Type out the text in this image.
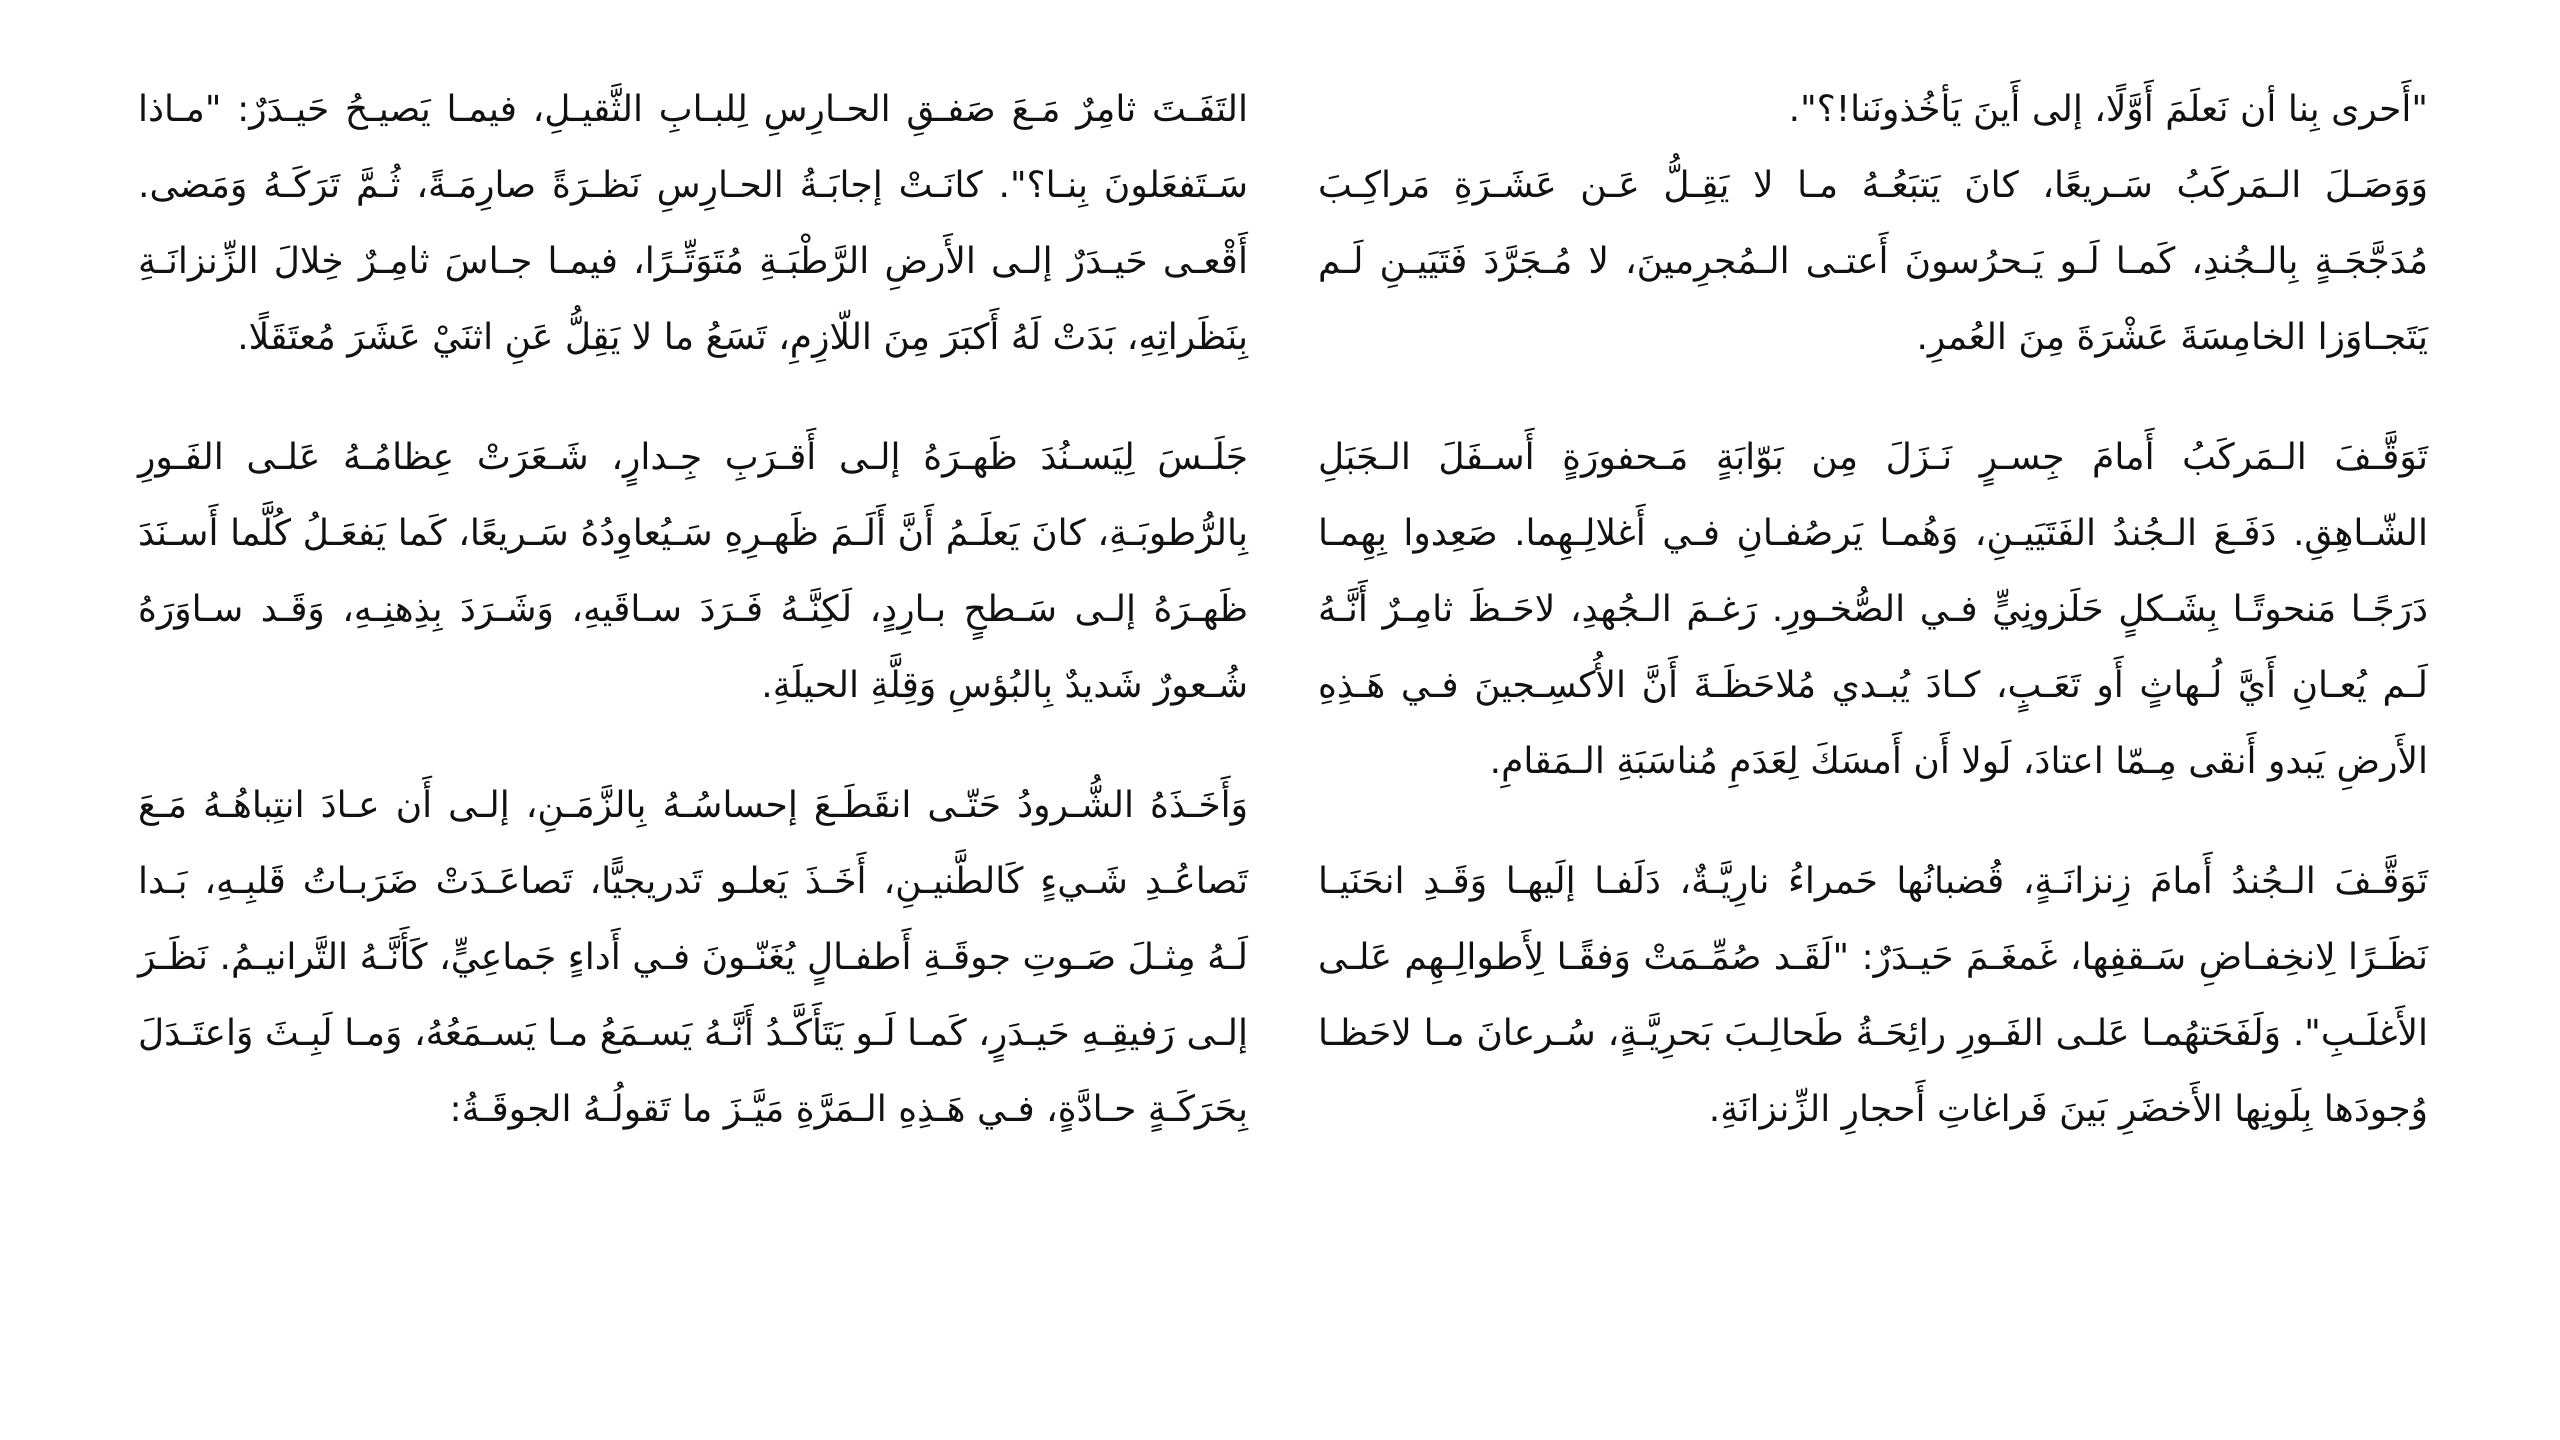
التَفَـتَ ثامِرٌ مَـعَ صَفـقِ الحـارِسِ لِلبـابِ الثَّقيـلِ، فيمـا يَصيـحُ حَيـدَرٌ: "مـاذا سَـتَفعَلونَ بِنـا؟". كانَـتْ إجابَـةُ الحـارِسِ نَظـرَةً صارِمَـةً، ثُـمَّ تَرَكَـهُ وَمَضى. أَقْعـى حَيـدَرٌ إلـى الأَرضِ الرَّطْبَـةِ مُتَوَتِّـرًا، فيمـا جـاسَ ثامِـرٌ خِلالَ الزِّنزانَـةِ بِنَظَراتِهِ، بَدَتْ لَهُ أَكبَرَ مِنَ اللّازِمِ، تَسَعُ ما لا يَقِلُّ عَنِ اثنَيْ عَشَرَ مُعتَقَلًا.

جَلَـسَ لِيَسـنُدَ ظَهـرَهُ إلـى أَقـرَبِ جِـدارٍ، شَـعَرَتْ عِظامُـهُ عَلـى الفَـورِ بِالرُّطوبَـةِ، كانَ يَعلَـمُ أَنَّ أَلَـمَ ظَهـرِهِ سَـيُعاوِدُهُ سَـريعًا، كَما يَفعَـلُ كُلَّما أَسـنَدَ ظَهـرَهُ إلـى سَـطحٍ بـارِدٍ، لَكِنَّـهُ فَـرَدَ سـاقَيهِ، وَشَـرَدَ بِذِهنِـهِ، وَقَـد سـاوَرَهُ شُـعورٌ شَديدٌ بِالبُؤسِ وَقِلَّةِ الحيلَةِ.

وَأَخَـذَهُ الشُّـرودُ حَتّـى انقَطَـعَ إحساسُـهُ بِالزَّمَـنِ، إلـى أَن عـادَ انتِباهُـهُ مَـعَ تَصاعُـدِ شَـيءٍ كَالطَّنيـنِ، أَخَـذَ يَعلـو تَدريجيًّا، تَصاعَـدَتْ ضَرَبـاتُ قَلبِـهِ، بَـدا لَـهُ مِثـلَ صَـوتِ جوقَـةِ أَطفـالٍ يُغَنّـونَ فـي أَداءٍ جَماعِيٍّ، كَأَنَّـهُ التَّرانيـمُ. نَظَـرَ إلـى رَفيقِـهِ حَيـدَرٍ، كَمـا لَـو يَتَأَكَّـدُ أَنَّـهُ يَسـمَعُ مـا يَسـمَعُهُ، وَمـا لَبِـثَ وَاعتَـدَلَ بِحَرَكَـةٍ حـادَّةٍ، فـي هَـذِهِ الـمَرَّةِ مَيَّـزَ ما تَقولُـهُ الجوقَـةُ:

"أَحرى بِنا أن نَعلَمَ أَوَّلًا، إلى أَينَ يَأخُذونَنا!؟".
وَوَصَـلَ الـمَركَبُ سَـريعًا، كانَ يَتبَعُـهُ مـا لا يَقِـلُّ عَـن عَشَـرَةِ مَراكِـبَ مُدَجَّجَـةٍ بِالـجُندِ، كَمـا لَـو يَـحرُسونَ أَعتـى الـمُجرِمينَ، لا مُـجَرَّدَ فَتَيَيـنِ لَـم يَتَجـاوَزا الخامِسَةَ عَشْرَةَ مِنَ العُمرِ.

تَوَقَّـفَ الـمَركَبُ أَمامَ جِسـرٍ نَـزَلَ مِن بَوّابَةٍ مَـحفورَةٍ أَسـفَلَ الـجَبَلِ الشّـاهِقِ. دَفَـعَ الـجُندُ الفَتَيَيـنِ، وَهُمـا يَرصُفـانِ فـي أَغلالِـهِما. صَعِدوا بِهِمـا دَرَجًـا مَنحوتًـا بِشَـكلٍ حَلَزونِيٍّ فـي الصُّخـورِ. رَغـمَ الـجُهدِ، لاحَـظَ ثامِـرٌ أَنَّـهُ لَـم يُعـانِ أَيَّ لُـهاثٍ أَو تَعَـبٍ، كـادَ يُبـدي مُلاحَظَـةَ أَنَّ الأُكسِـجينَ فـي هَـذِهِ الأَرضِ يَبدو أَنقى مِـمّا اعتادَ، لَولا أَن أَمسَكَ لِعَدَمِ مُناسَبَةِ الـمَقامِ.

تَوَقَّـفَ الـجُندُ أَمامَ زِنزانَـةٍ، قُضبانُها حَمراءُ نارِيَّـةٌ، دَلَفـا إلَيهـا وَقَـدِ انحَنَيـا نَظَـرًا لِانخِفـاضِ سَـقفِها، غَمغَـمَ حَيـدَرٌ: "لَقَـد صُمِّـمَتْ وَفقًـا لِأَطوالِـهِم عَلـى الأَغلَـبِ". وَلَفَحَتهُمـا عَلـى الفَـورِ رائِحَـةُ طَحالِـبَ بَحرِيَّـةٍ، سُـرعانَ مـا لاحَظـا وُجودَها بِلَونِها الأَخضَرِ بَينَ فَراغاتِ أَحجارِ الزِّنزانَةِ.
